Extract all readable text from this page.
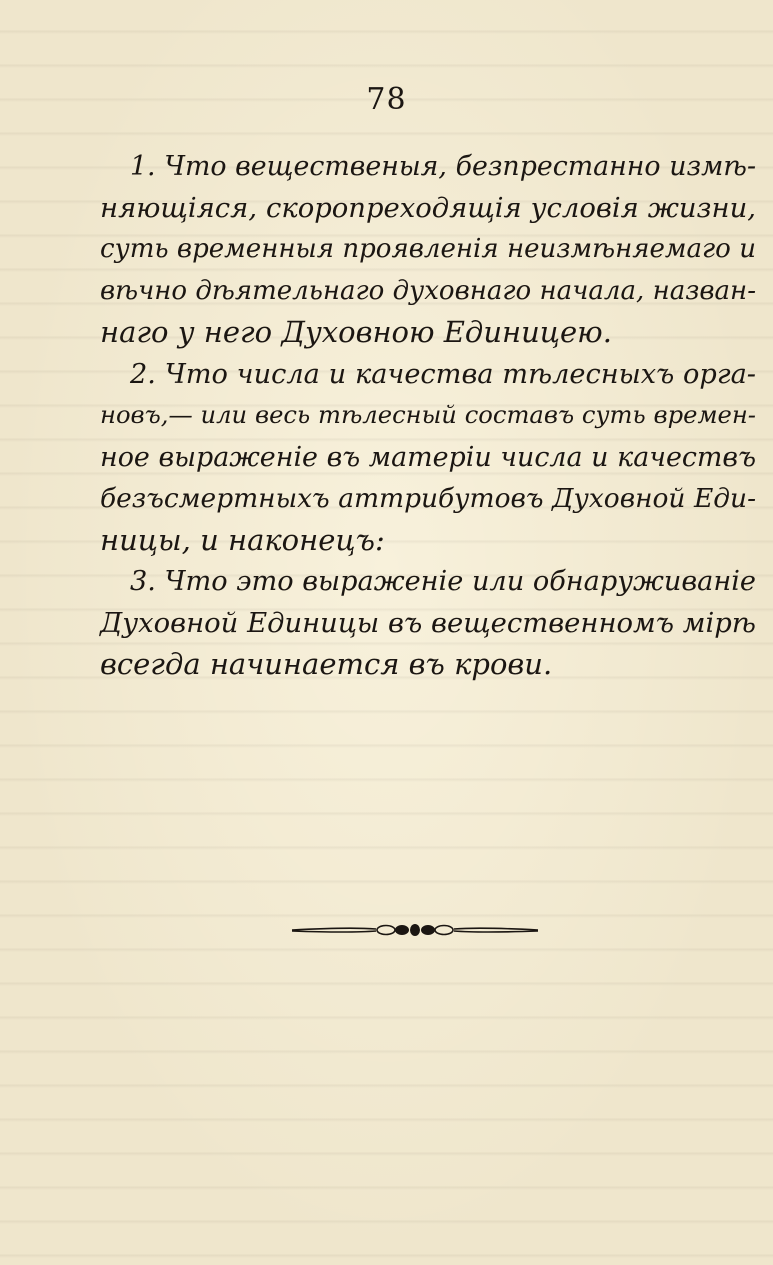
78
1. Что вещественыя, безпрестанно измѣ-
няющіяся, скоропреходящія условія жизни,
суть временныя проявленія неизмѣняемаго и
вѣчно дѣятельнаго духовнаго начала, назван-
наго у него Духовною Единицею.
2. Что числа и качества тѣлесныхъ орга-
новъ,— или весь тѣлесный составъ суть времен-
ное выраженіе въ матеріи числа и качествъ
безъсмертныхъ аттрибутовъ Духовной Еди-
ницы, и наконецъ:
3. Что это выраженіе или обнаруживаніе
Духовной Единицы въ вещественномъ мірѣ
всегда начинается въ крови.
